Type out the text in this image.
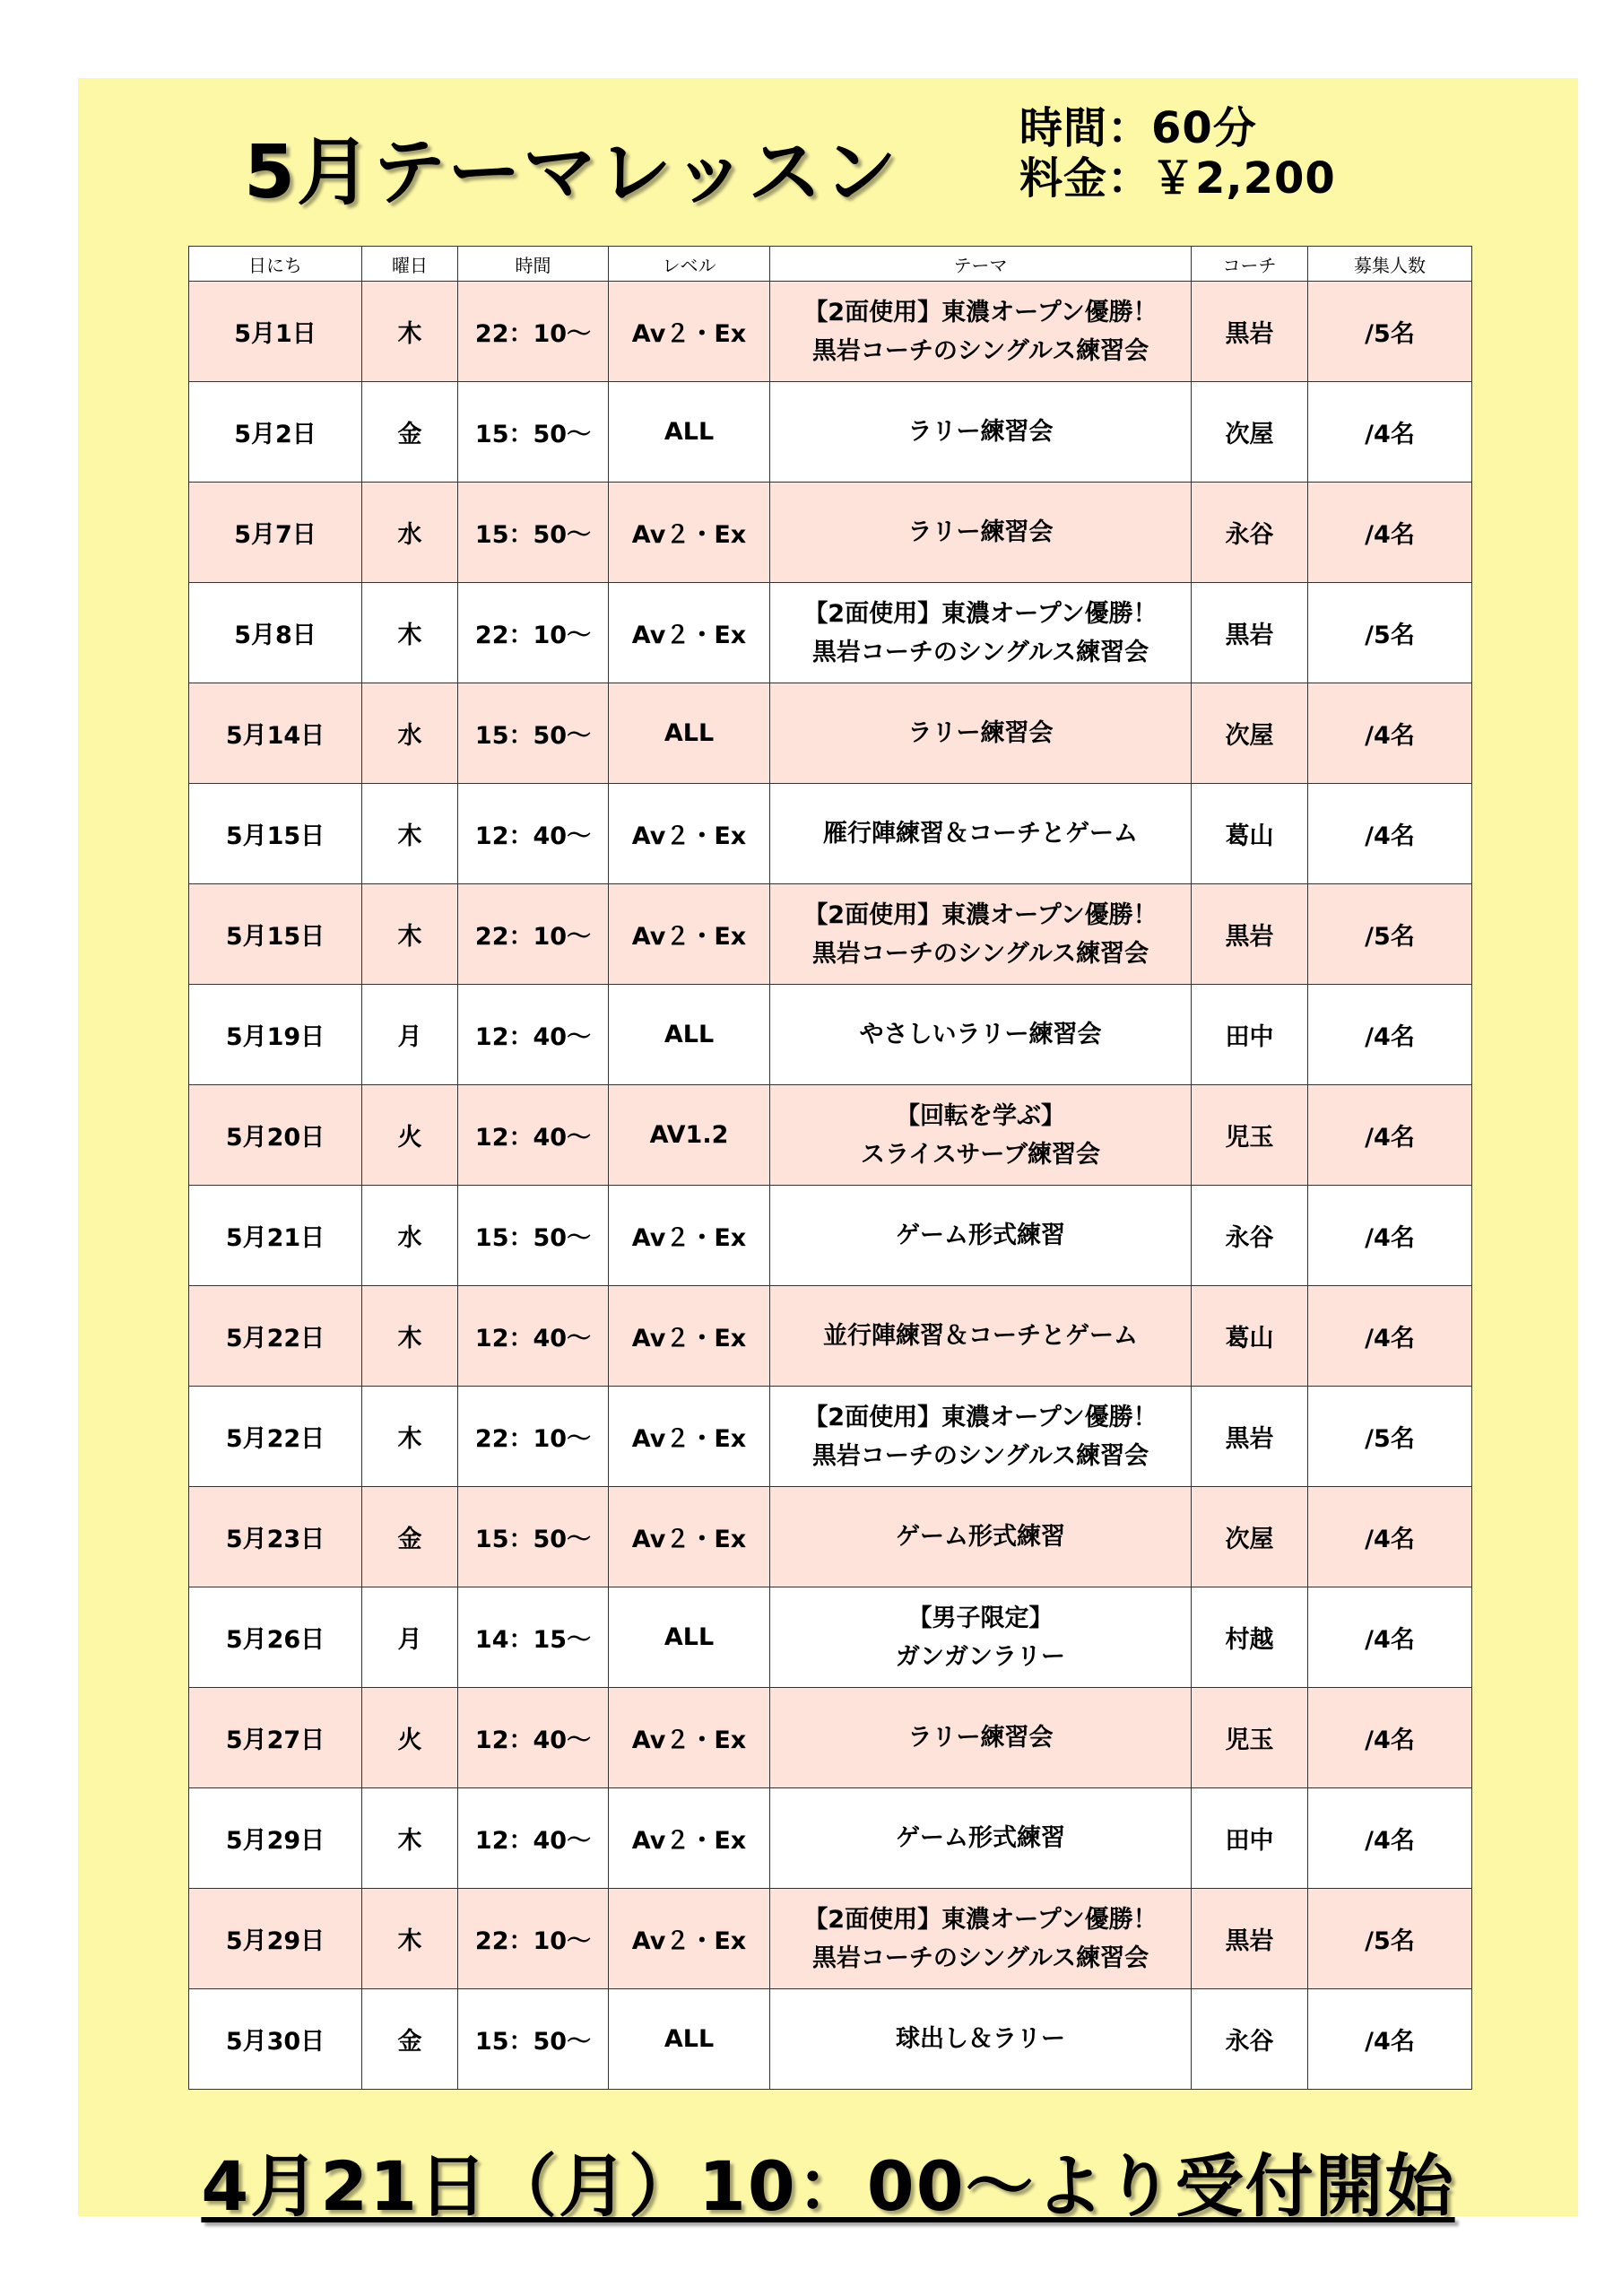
5月テーマレッスン
時間：60分
料金：￥2,200
日にち	曜日	時間	レベル	テーマ	コーチ	募集人数
5月1日	木	22：10〜	Av２・Ex	【2面使用】東濃オープン優勝！
黒岩コーチのシングルス練習会	黒岩	/5名
5月2日	金	15：50〜	ALL	ラリー練習会	次屋	/4名
5月7日	水	15：50〜	Av２・Ex	ラリー練習会	永谷	/4名
5月8日	木	22：10〜	Av２・Ex	【2面使用】東濃オープン優勝！
黒岩コーチのシングルス練習会	黒岩	/5名
5月14日	水	15：50〜	ALL	ラリー練習会	次屋	/4名
5月15日	木	12：40〜	Av２・Ex	雁行陣練習＆コーチとゲーム	葛山	/4名
5月15日	木	22：10〜	Av２・Ex	【2面使用】東濃オープン優勝！
黒岩コーチのシングルス練習会	黒岩	/5名
5月19日	月	12：40〜	ALL	やさしいラリー練習会	田中	/4名
5月20日	火	12：40〜	AV1.2	【回転を学ぶ】
スライスサーブ練習会	児玉	/4名
5月21日	水	15：50〜	Av２・Ex	ゲーム形式練習	永谷	/4名
5月22日	木	12：40〜	Av２・Ex	並行陣練習＆コーチとゲーム	葛山	/4名
5月22日	木	22：10〜	Av２・Ex	【2面使用】東濃オープン優勝！
黒岩コーチのシングルス練習会	黒岩	/5名
5月23日	金	15：50〜	Av２・Ex	ゲーム形式練習	次屋	/4名
5月26日	月	14：15〜	ALL	【男子限定】
ガンガンラリー	村越	/4名
5月27日	火	12：40〜	Av２・Ex	ラリー練習会	児玉	/4名
5月29日	木	12：40〜	Av２・Ex	ゲーム形式練習	田中	/4名
5月29日	木	22：10〜	Av２・Ex	【2面使用】東濃オープン優勝！
黒岩コーチのシングルス練習会	黒岩	/5名
5月30日	金	15：50〜	ALL	球出し＆ラリー	永谷	/4名
4月21日（月）10：00〜より受付開始
